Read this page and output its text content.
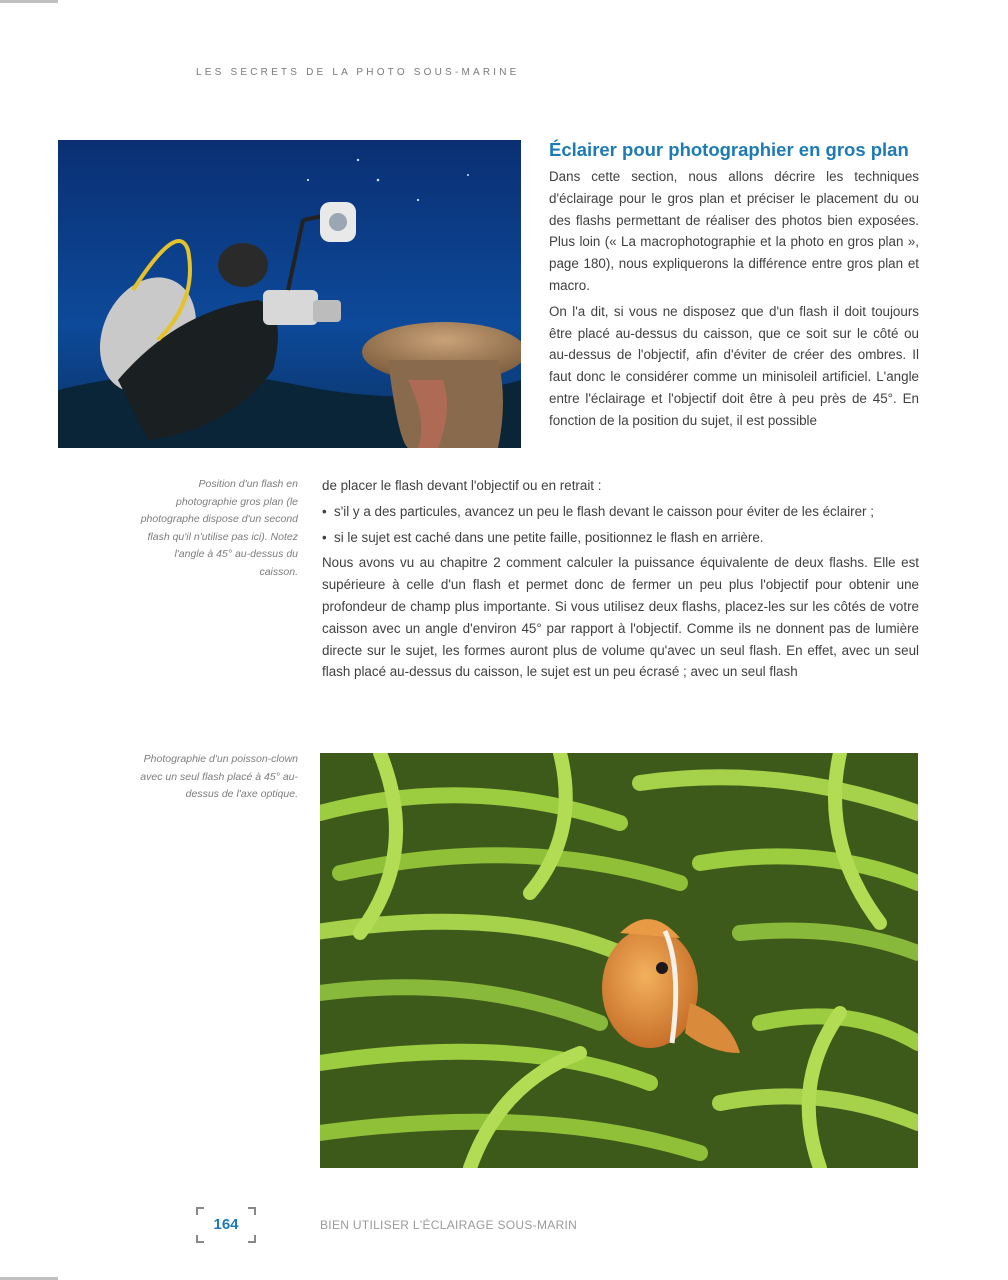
LES SECRETS DE LA PHOTO SOUS-MARINE
Position d'un flash en photographie gros plan (le photographe dispose d'un second flash qu'il n'utilise pas ici). Notez l'angle à 45° au-dessus du caisson.
Éclairer pour photographier en gros plan

Dans cette section, nous allons décrire les techniques d'éclairage pour le gros plan et préciser le placement du ou des flashs permettant de réaliser des photos bien exposées. Plus loin (« La macrophotographie et la photo en gros plan », page 180), nous expliquerons la différence entre gros plan et macro.

On l'a dit, si vous ne disposez que d'un flash il doit toujours être placé au-dessus du caisson, que ce soit sur le côté ou au-dessus de l'objectif, afin d'éviter de créer des ombres. Il faut donc le considérer comme un minisoleil artificiel. L'angle entre l'éclairage et l'objectif doit être à peu près de 45°. En fonction de la position du sujet, il est possible

de placer le flash devant l'objectif ou en retrait :

• s'il y a des particules, avancez un peu le flash devant le caisson pour éviter de les éclairer ;
• si le sujet est caché dans une petite faille, positionnez le flash en arrière.

Nous avons vu au chapitre 2 comment calculer la puissance équivalente de deux flashs. Elle est supérieure à celle d'un flash et permet donc de fermer un peu plus l'objectif pour obtenir une profondeur de champ plus importante. Si vous utilisez deux flashs, placez-les sur les côtés de votre caisson avec un angle d'environ 45° par rapport à l'objectif. Comme ils ne donnent pas de lumière directe sur le sujet, les formes auront plus de volume qu'avec un seul flash. En effet, avec un seul flash placé au-dessus du caisson, le sujet est un peu écrasé ; avec un seul flash

Photographie d'un poisson-clown avec un seul flash placé à 45° au-dessus de l'axe optique.
164	BIEN UTILISER L'ÉCLAIRAGE SOUS-MARIN
